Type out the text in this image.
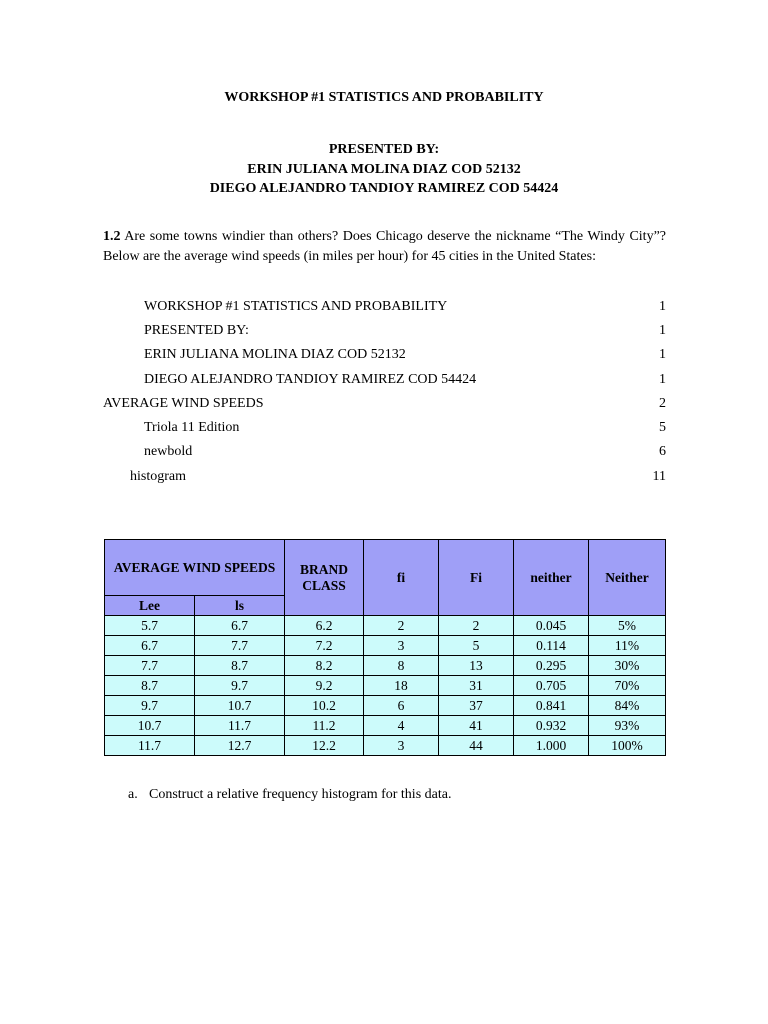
WORKSHOP #1 STATISTICS AND PROBABILITY
PRESENTED BY:
ERIN JULIANA MOLINA DIAZ COD 52132
DIEGO ALEJANDRO TANDIOY RAMIREZ COD 54424
1.2 Are some towns windier than others? Does Chicago deserve the nickname “The Windy City”? Below are the average wind speeds (in miles per hour) for 45 cities in the United States:
WORKSHOP #1 STATISTICS AND PROBABILITY	1
PRESENTED BY:	1
ERIN JULIANA MOLINA DIAZ COD 52132	1
DIEGO ALEJANDRO TANDIOY RAMIREZ COD 54424	1
AVERAGE WIND SPEEDS	2
Triola 11 Edition	5
newbold	6
histogram	11
AVERAGE WIND SPEEDS		BRAND CLASS	fi	Fi	neither	Neither
Lee	ls					
5.7	6.7	6.2	2	2	0.045	5%
6.7	7.7	7.2	3	5	0.114	11%
7.7	8.7	8.2	8	13	0.295	30%
8.7	9.7	9.2	18	31	0.705	70%
9.7	10.7	10.2	6	37	0.841	84%
10.7	11.7	11.2	4	41	0.932	93%
11.7	12.7	12.2	3	44	1.000	100%
a. Construct a relative frequency histogram for this data.
